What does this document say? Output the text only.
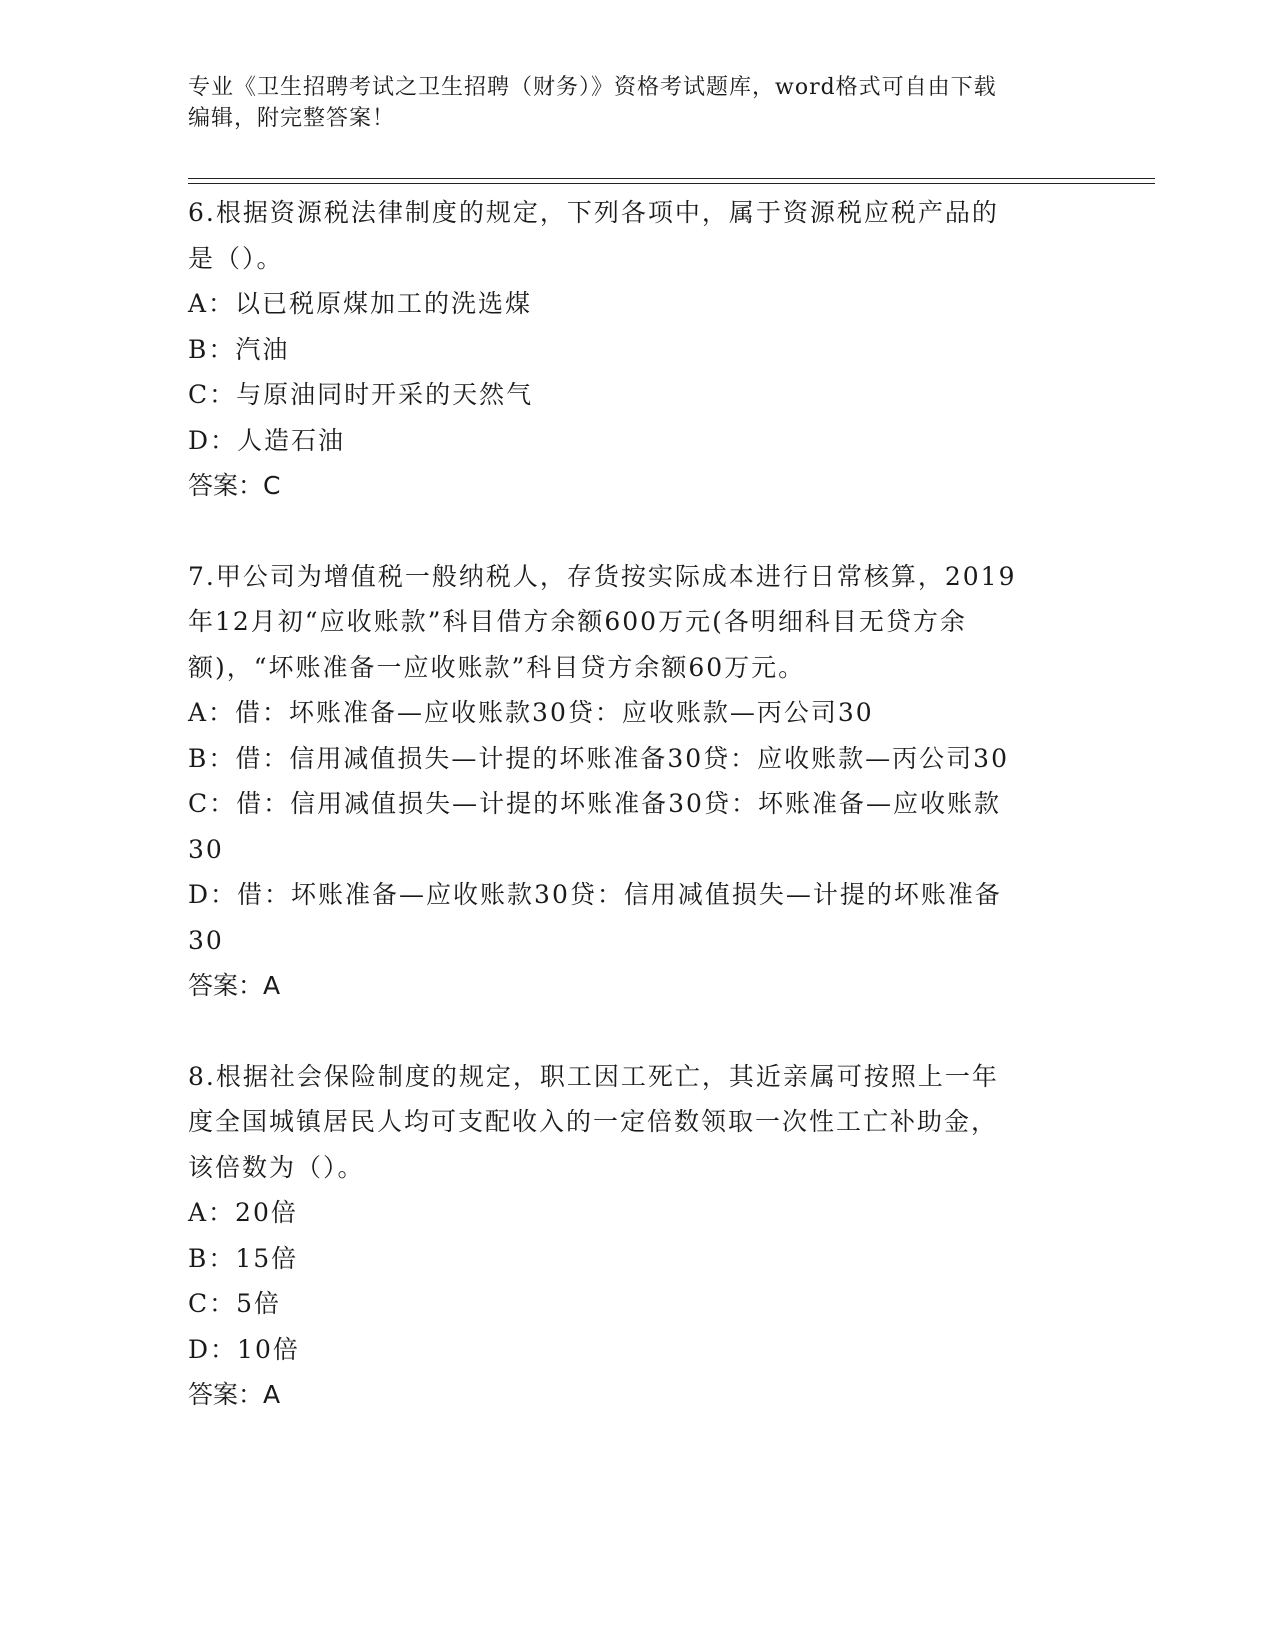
专业《卫生招聘考试之卫生招聘（财务）》资格考试题库，word格式可自由下载

编辑，附完整答案！

6.根据资源税法律制度的规定，下列各项中，属于资源税应税产品的

是（）。

A：以已税原煤加工的洗选煤

B：汽油

C：与原油同时开采的天然气

D：人造石油

答案：C

7.甲公司为增值税一般纳税人，存货按实际成本进行日常核算，2019

年12月初“应收账款”科目借方余额600万元(各明细科目无贷方余

额)，“坏账准备一应收账款”科目贷方余额60万元。

A：借：坏账准备—应收账款30贷：应收账款—丙公司30

B：借：信用减值损失—计提的坏账准备30贷：应收账款—丙公司30

C：借：信用减值损失—计提的坏账准备30贷：坏账准备—应收账款

30

D：借：坏账准备—应收账款30贷：信用减值损失—计提的坏账准备

30

答案：A

8.根据社会保险制度的规定，职工因工死亡，其近亲属可按照上一年

度全国城镇居民人均可支配收入的一定倍数领取一次性工亡补助金，

该倍数为（）。

A：20倍

B：15倍

C：5倍

D：10倍

答案：A
